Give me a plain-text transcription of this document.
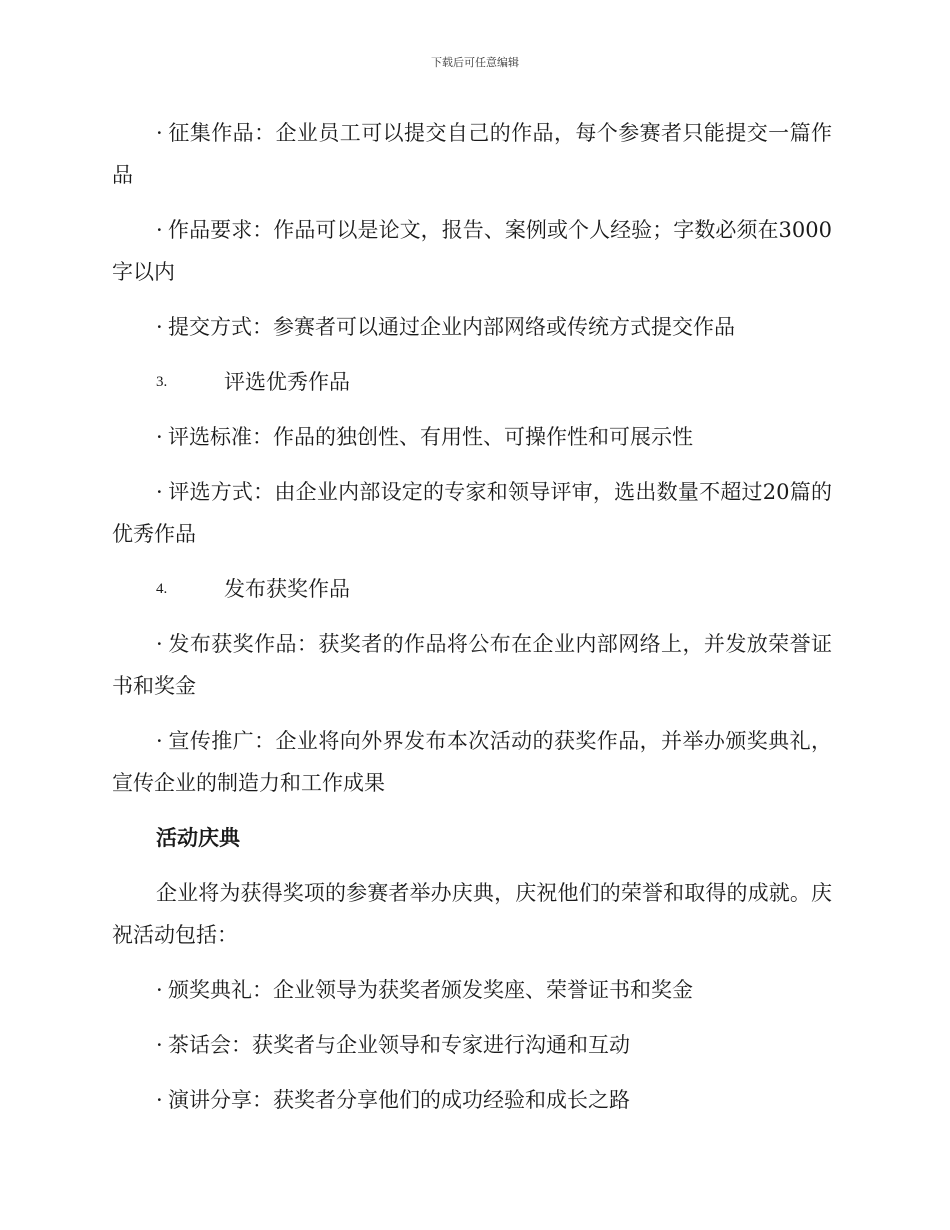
下载后可任意编辑

· 征集作品：企业员工可以提交自己的作品，每个参赛者只能提交一篇作品

· 作品要求：作品可以是论文，报告、案例或个人经验；字数必须在3000字以内

· 提交方式：参赛者可以通过企业内部网络或传统方式提交作品

3.	评选优秀作品

· 评选标准：作品的独创性、有用性、可操作性和可展示性

· 评选方式：由企业内部设定的专家和领导评审，选出数量不超过20篇的优秀作品

4.	发布获奖作品

· 发布获奖作品：获奖者的作品将公布在企业内部网络上，并发放荣誉证书和奖金

· 宣传推广：企业将向外界发布本次活动的获奖作品，并举办颁奖典礼，宣传企业的制造力和工作成果

活动庆典

企业将为获得奖项的参赛者举办庆典，庆祝他们的荣誉和取得的成就。庆祝活动包括：

· 颁奖典礼：企业领导为获奖者颁发奖座、荣誉证书和奖金

· 茶话会：获奖者与企业领导和专家进行沟通和互动

· 演讲分享：获奖者分享他们的成功经验和成长之路
